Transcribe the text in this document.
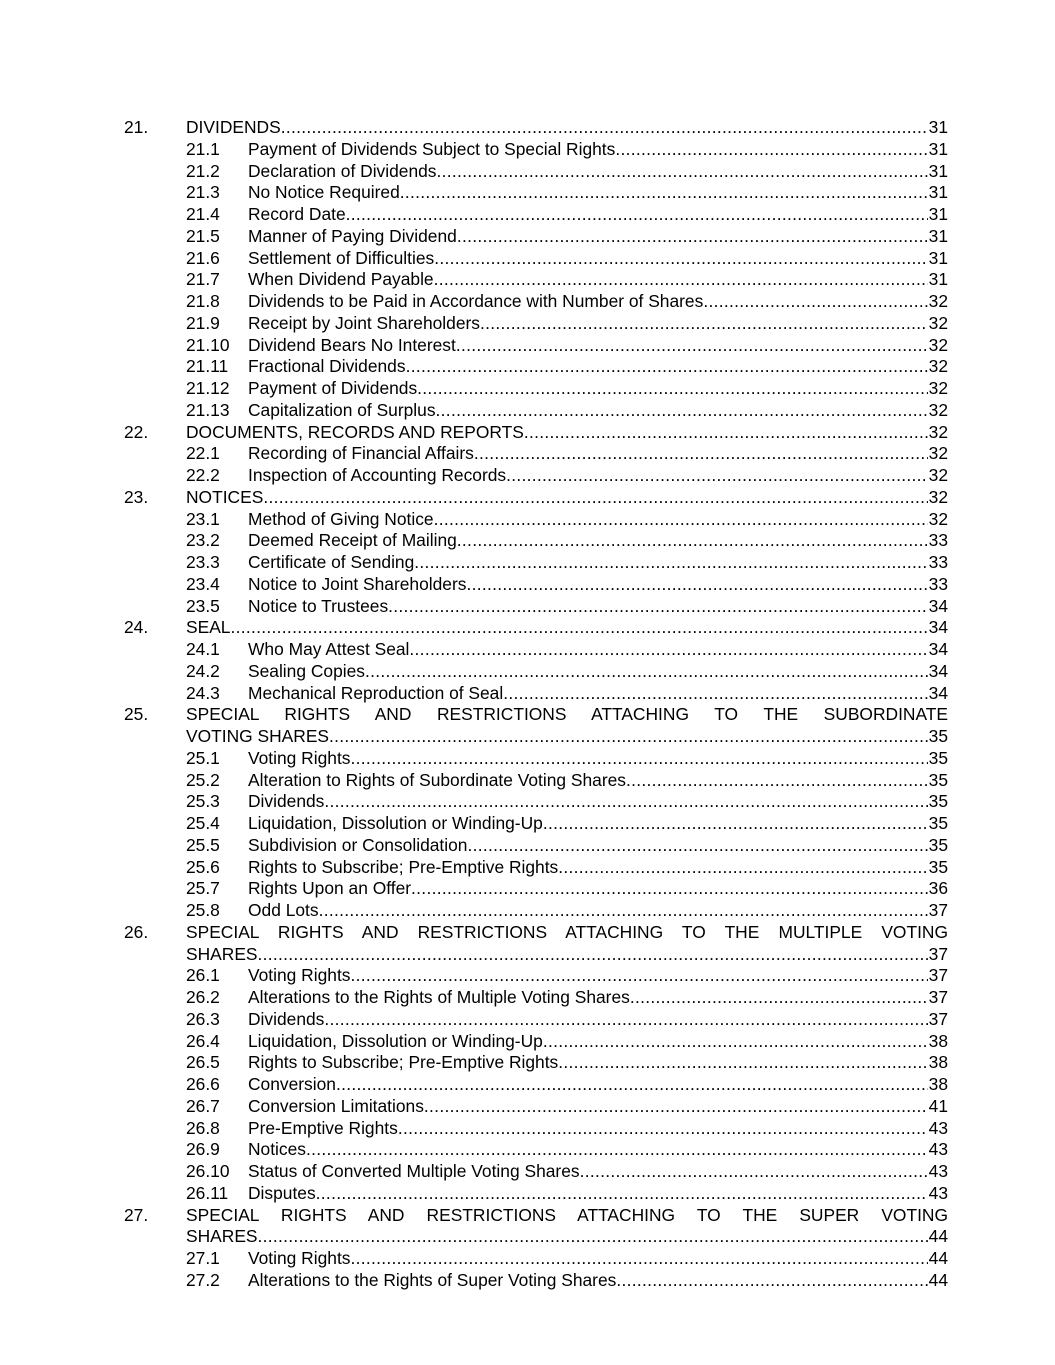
21. DIVIDENDS .....	31
21.1 Payment of Dividends Subject to Special Rights .....	31
21.2 Declaration of Dividends .....	31
21.3 No Notice Required .....	31
21.4 Record Date .....	31
21.5 Manner of Paying Dividend .....	31
21.6 Settlement of Difficulties .....	31
21.7 When Dividend Payable .....	31
21.8 Dividends to be Paid in Accordance with Number of Shares .....	32
21.9 Receipt by Joint Shareholders .....	32
21.10 Dividend Bears No Interest .....	32
21.11 Fractional Dividends .....	32
21.12 Payment of Dividends .....	32
21.13 Capitalization of Surplus .....	32
22. DOCUMENTS, RECORDS AND REPORTS .....	32
22.1 Recording of Financial Affairs .....	32
22.2 Inspection of Accounting Records .....	32
23. NOTICES .....	32
23.1 Method of Giving Notice .....	32
23.2 Deemed Receipt of Mailing .....	33
23.3 Certificate of Sending .....	33
23.4 Notice to Joint Shareholders .....	33
23.5 Notice to Trustees .....	34
24. SEAL .....	34
24.1 Who May Attest Seal .....	34
24.2 Sealing Copies .....	34
24.3 Mechanical Reproduction of Seal .....	34
25. SPECIAL RIGHTS AND RESTRICTIONS ATTACHING TO THE SUBORDINATE
VOTING SHARES .....	35
25.1 Voting Rights .....	35
25.2 Alteration to Rights of Subordinate Voting Shares .....	35
25.3 Dividends .....	35
25.4 Liquidation, Dissolution or Winding-Up .....	35
25.5 Subdivision or Consolidation .....	35
25.6 Rights to Subscribe; Pre-Emptive Rights .....	35
25.7 Rights Upon an Offer .....	36
25.8 Odd Lots .....	37
26. SPECIAL RIGHTS AND RESTRICTIONS ATTACHING TO THE MULTIPLE VOTING
SHARES .....	37
26.1 Voting Rights .....	37
26.2 Alterations to the Rights of Multiple Voting Shares .....	37
26.3 Dividends .....	37
26.4 Liquidation, Dissolution or Winding-Up .....	38
26.5 Rights to Subscribe; Pre-Emptive Rights .....	38
26.6 Conversion .....	38
26.7 Conversion Limitations .....	41
26.8 Pre-Emptive Rights .....	43
26.9 Notices .....	43
26.10 Status of Converted Multiple Voting Shares .....	43
26.11 Disputes .....	43
27. SPECIAL RIGHTS AND RESTRICTIONS ATTACHING TO THE SUPER VOTING
SHARES .....	44
27.1 Voting Rights .....	44
27.2 Alterations to the Rights of Super Voting Shares .....	44
